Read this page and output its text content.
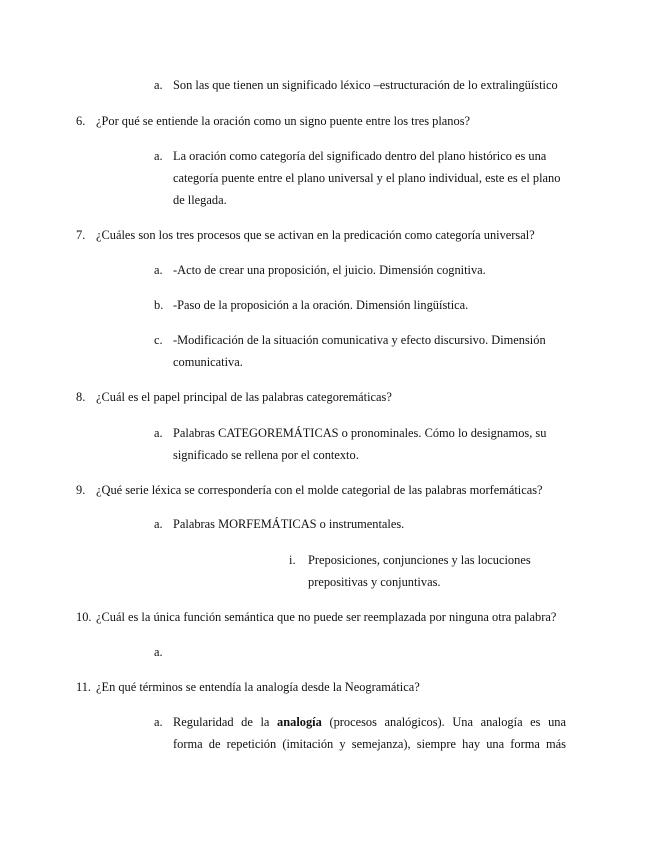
a. Son las que tienen un significado léxico –estructuración de lo extralingüístico
6. ¿Por qué se entiende la oración como un signo puente entre los tres planos?
a. La oración como categoría del significado dentro del plano histórico es una
categoría puente entre el plano universal y el plano individual, este es el plano
de llegada.
7. ¿Cuáles son los tres procesos que se activan en la predicación como categoría universal?
a. -Acto de crear una proposición, el juicio. Dimensión cognitiva.
b. -Paso de la proposición a la oración. Dimensión lingüística.
c. -Modificación de la situación comunicativa y efecto discursivo. Dimensión
comunicativa.
8. ¿Cuál es el papel principal de las palabras categoremáticas?
a. Palabras CATEGOREMÁTICAS o pronominales. Cómo lo designamos, su
significado se rellena por el contexto.
9. ¿Qué serie léxica se correspondería con el molde categorial de las palabras morfemáticas?
a. Palabras MORFEMÁTICAS o instrumentales.
i. Preposiciones, conjunciones y las locuciones
prepositivas y conjuntivas.
10. ¿Cuál es la única función semántica que no puede ser reemplazada por ninguna otra palabra?
a.
11. ¿En qué términos se entendía la analogía desde la Neogramática?
a. Regularidad de la analogía (procesos analógicos). Una analogía es una
forma de repetición (imitación y semejanza), siempre hay una forma más
